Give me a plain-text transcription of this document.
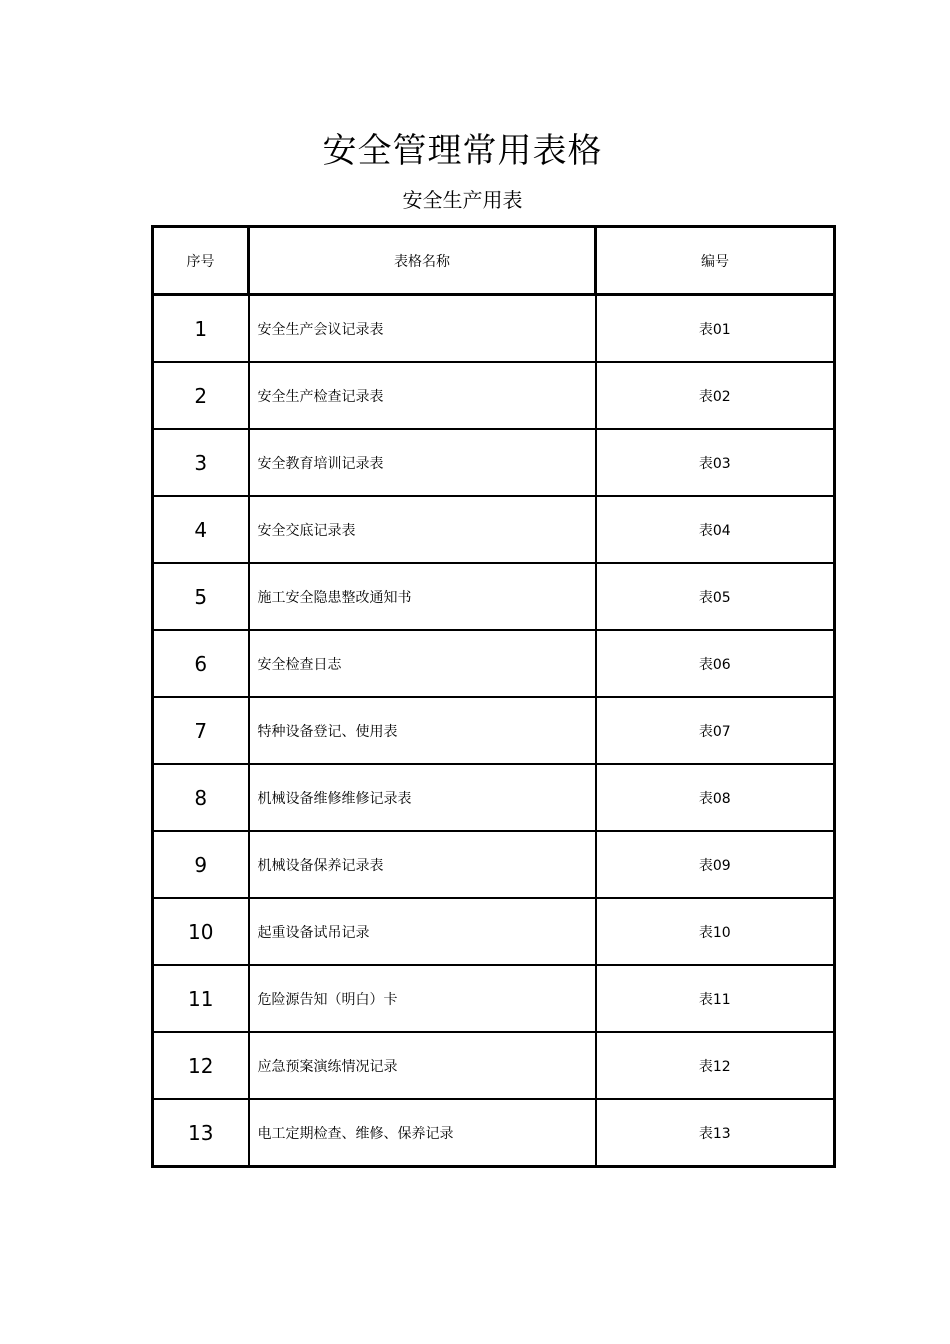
安全管理常用表格
安全生产用表
序号	表格名称	编号
1	安全生产会议记录表	表01
2	安全生产检查记录表	表02
3	安全教育培训记录表	表03
4	安全交底记录表	表04
5	施工安全隐患整改通知书	表05
6	安全检查日志	表06
7	特种设备登记、使用表	表07
8	机械设备维修维修记录表	表08
9	机械设备保养记录表	表09
10	起重设备试吊记录	表10
11	危险源告知（明白）卡	表11
12	应急预案演练情况记录	表12
13	电工定期检查、维修、保养记录	表13
